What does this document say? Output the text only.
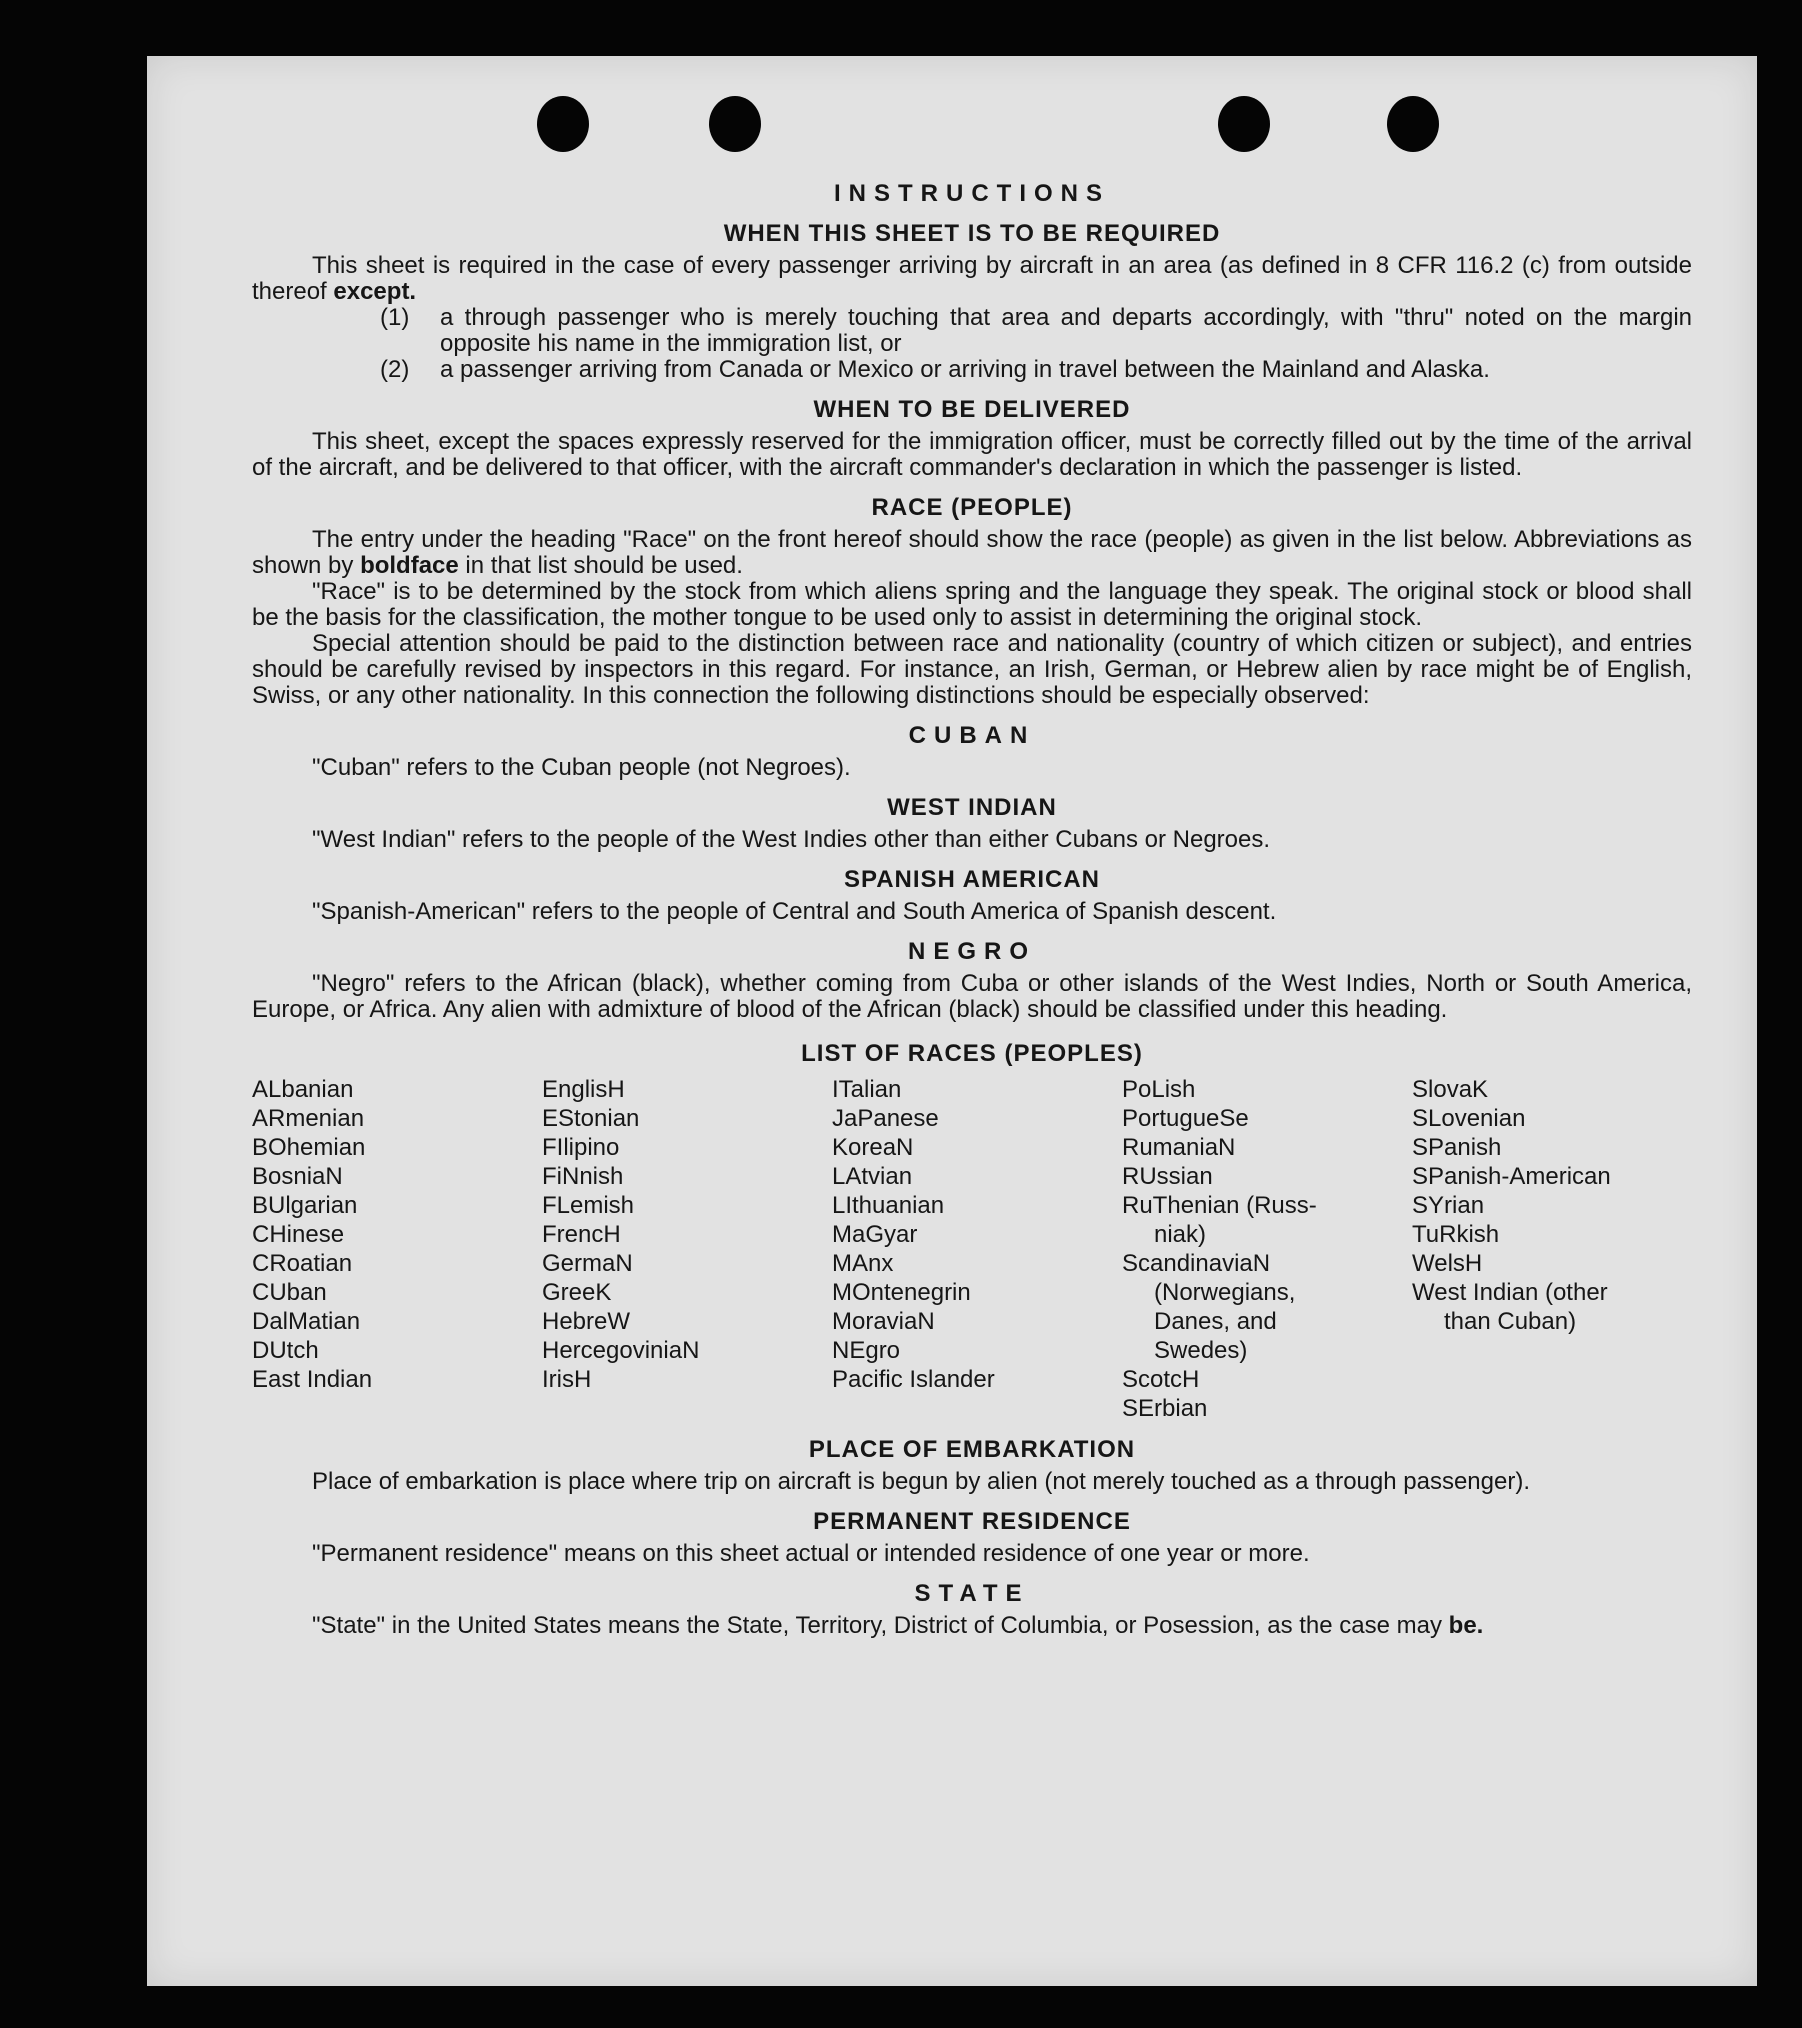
INSTRUCTIONS
WHEN THIS SHEET IS TO BE REQUIRED

This sheet is required in the case of every passenger arriving by aircraft in an area (as defined in 8 CFR 116.2 (c) from outside thereof except.

(1)	a through passenger who is merely touching that area and departs accordingly, with "thru" noted on the margin opposite his name in the immigration list, or
(2)	a passenger arriving from Canada or Mexico or arriving in travel between the Mainland and Alaska.
WHEN TO BE DELIVERED

This sheet, except the spaces expressly reserved for the immigration officer, must be correctly filled out by the time of the arrival of the aircraft, and be delivered to that officer, with the aircraft commander's declaration in which the passenger is listed.

RACE (PEOPLE)

The entry under the heading "Race" on the front hereof should show the race (people) as given in the list below. Abbreviations as shown by boldface in that list should be used.

"Race" is to be determined by the stock from which aliens spring and the language they speak. The original stock or blood shall be the basis for the classification, the mother tongue to be used only to assist in determining the original stock.

Special attention should be paid to the distinction between race and nationality (country of which citizen or subject), and entries should be carefully revised by inspectors in this regard. For instance, an Irish, German, or Hebrew alien by race might be of English, Swiss, or any other nationality. In this connection the following distinctions should be especially observed:

CUBAN

"Cuban" refers to the Cuban people (not Negroes).

WEST INDIAN

"West Indian" refers to the people of the West Indies other than either Cubans or Negroes.

SPANISH AMERICAN

"Spanish-American" refers to the people of Central and South America of Spanish descent.

NEGRO

"Negro" refers to the African (black), whether coming from Cuba or other islands of the West Indies, North or South America, Europe, or Africa. Any alien with admixture of blood of the African (black) should be classified under this heading.

LIST OF RACES (PEOPLES)
ALbanian
ARmenian
BOhemian
BosniaN
BUlgarian
CHinese
CRoatian
CUban
DalMatian
DUtch
East Indian
EnglisH
EStonian
FIlipino
FiNnish
FLemish
FrencH
GermaN
GreeK
HebreW
HercegoviniaN
IrisH
ITalian
JaPanese
KoreaN
LAtvian
LIthuanian
MaGyar
MAnx
MOntenegrin
MoraviaN
NEgro
Pacific Islander
PoLish
PortugueSe
RumaniaN
RUssian
RuThenian (Russ-
niak)
ScandinaviaN
(Norwegians,
Danes, and
Swedes)
ScotcH
SErbian
SlovaK
SLovenian
SPanish
SPanish-American
SYrian
TuRkish
WelsH
West Indian (other
than Cuban)
PLACE OF EMBARKATION

Place of embarkation is place where trip on aircraft is begun by alien (not merely touched as a through passenger).

PERMANENT RESIDENCE

"Permanent residence" means on this sheet actual or intended residence of one year or more.

STATE

"State" in the United States means the State, Territory, District of Columbia, or Posession, as the case may be.
